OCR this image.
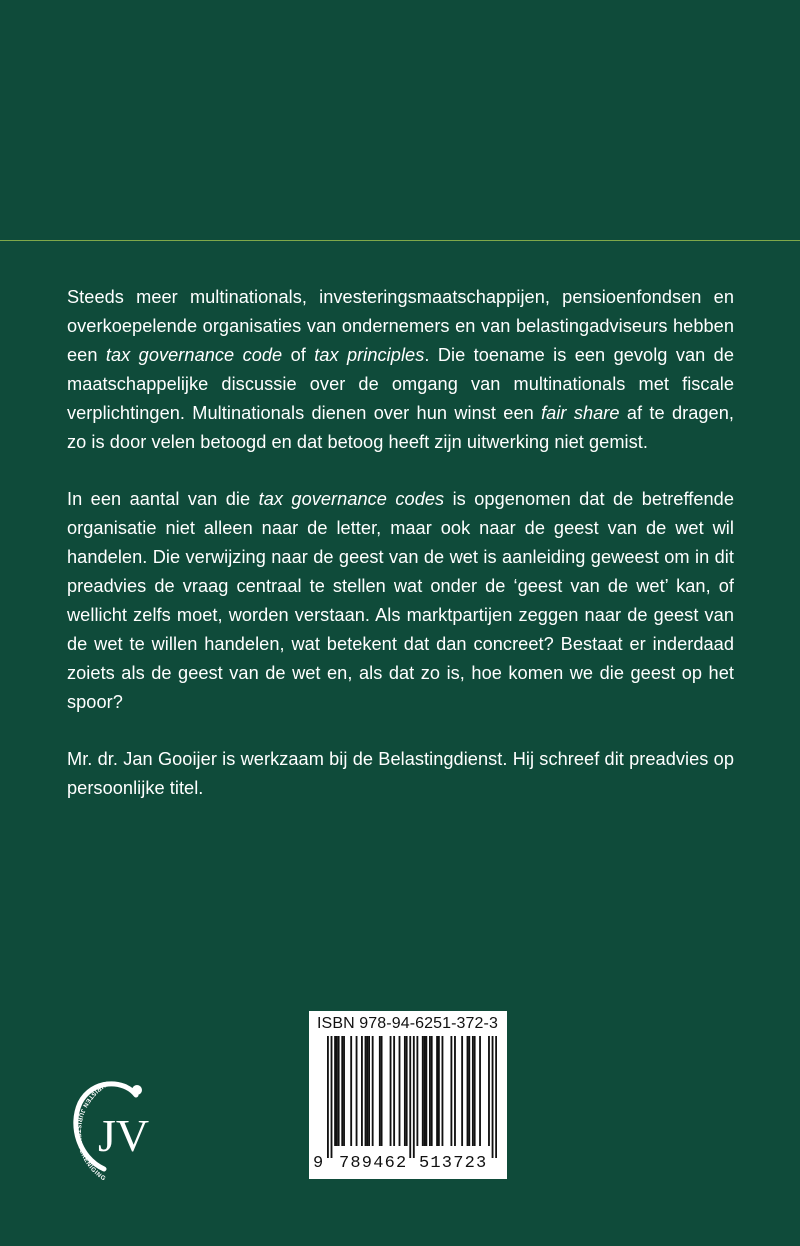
Steeds meer multinationals, investeringsmaatschappijen, pensioenfondsen en overkoepelende organisaties van ondernemers en van belastingadviseurs hebben een tax governance code of tax principles. Die toename is een gevolg van de maatschappelijke discussie over de omgang van multinationals met fiscale verplichtingen. Multinationals dienen over hun winst een fair share af te dragen, zo is door velen betoogd en dat betoog heeft zijn uitwerking niet gemist.

In een aantal van die tax governance codes is opgenomen dat de betreffende organisatie niet alleen naar de letter, maar ook naar de geest van de wet wil handelen. Die verwijzing naar de geest van de wet is aanleiding geweest om in dit preadvies de vraag centraal te stellen wat onder de ‘geest van de wet’ kan, of wellicht zelfs moet, worden verstaan. Als marktpartijen zeggen naar de geest van de wet te willen handelen, wat betekent dat dan concreet? Bestaat er inderdaad zoiets als de geest van de wet en, als dat zo is, hoe komen we die geest op het spoor?

Mr. dr. Jan Gooijer is werkzaam bij de Belastingdienst. Hij schreef dit preadvies op persoonlijke titel.

JV
CHRISTEN JURISTEN VERENIGING
ISBN 978-94-6251-372-3
9 789462 513723
